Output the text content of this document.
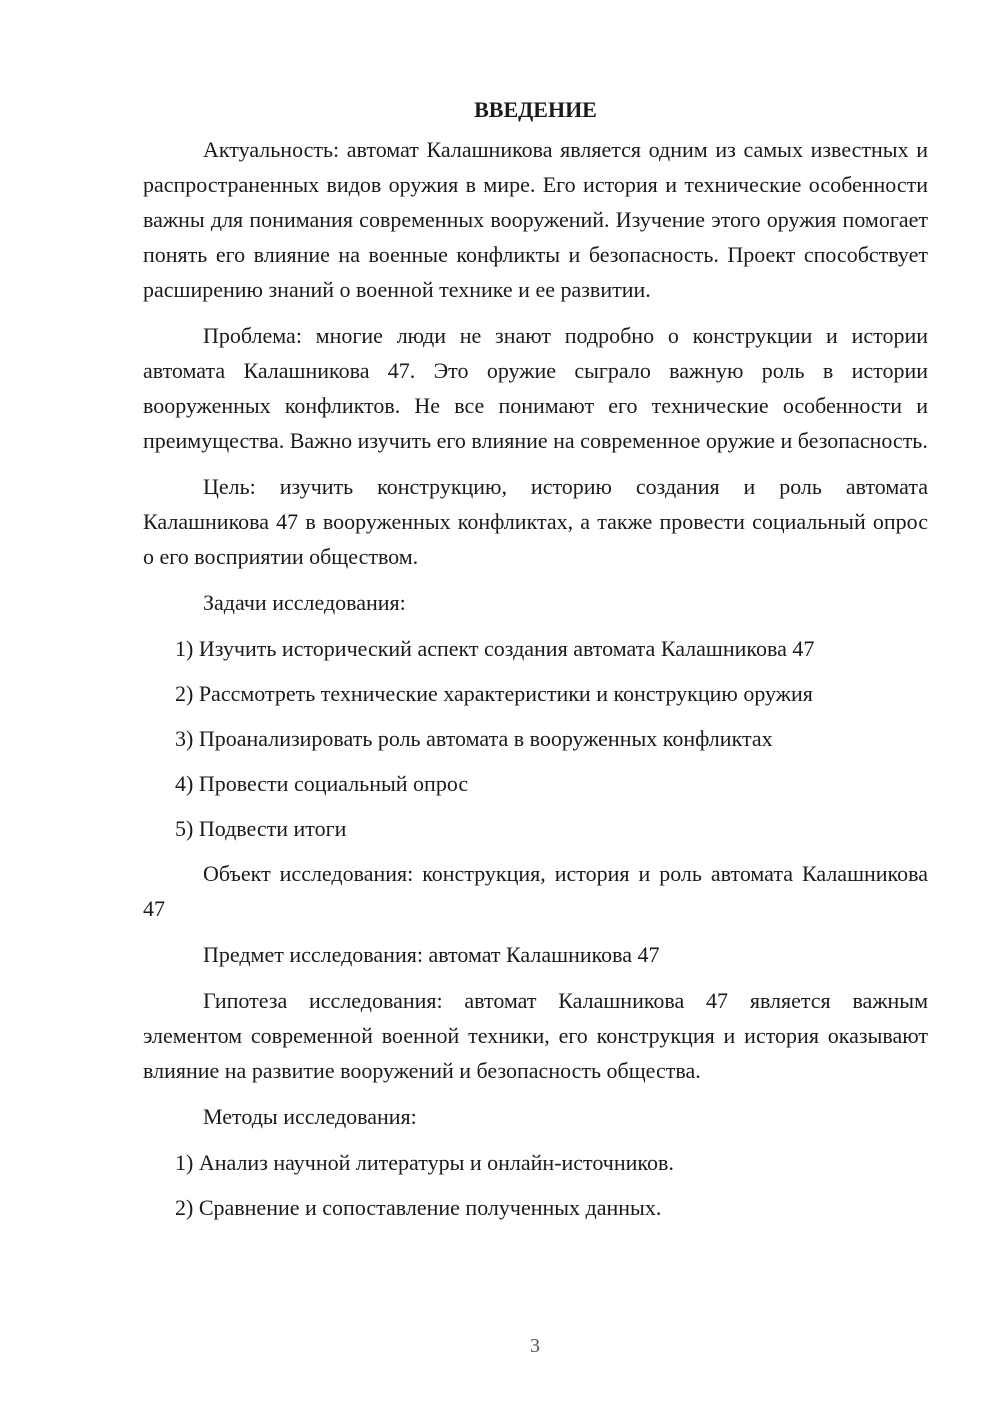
ВВЕДЕНИЕ

Актуальность: автомат Калашникова является одним из самых известных и распространенных видов оружия в мире. Его история и технические особенности важны для понимания современных вооружений. Изучение этого оружия помогает понять его влияние на военные конфликты и безопасность. Проект способствует расширению знаний о военной технике и ее развитии.

Проблема: многие люди не знают подробно о конструкции и истории автомата Калашникова 47. Это оружие сыграло важную роль в истории вооруженных конфликтов. Не все понимают его технические особенности и преимущества. Важно изучить его влияние на современное оружие и безопасность.

Цель: изучить конструкцию, историю создания и роль автомата Калашникова 47 в вооруженных конфликтах, а также провести социальный опрос о его восприятии обществом.

Задачи исследования:

1) Изучить исторический аспект создания автомата Калашникова 47
2) Рассмотреть технические характеристики и конструкцию оружия
3) Проанализировать роль автомата в вооруженных конфликтах
4) Провести социальный опрос
5) Подвести итоги

Объект исследования: конструкция, история и роль автомата Калашникова 47

Предмет исследования: автомат Калашникова 47

Гипотеза исследования: автомат Калашникова 47 является важным элементом современной военной техники, его конструкция и история оказывают влияние на развитие вооружений и безопасность общества.

Методы исследования:

1) Анализ научной литературы и онлайн-источников.
2) Сравнение и сопоставление полученных данных.
3
